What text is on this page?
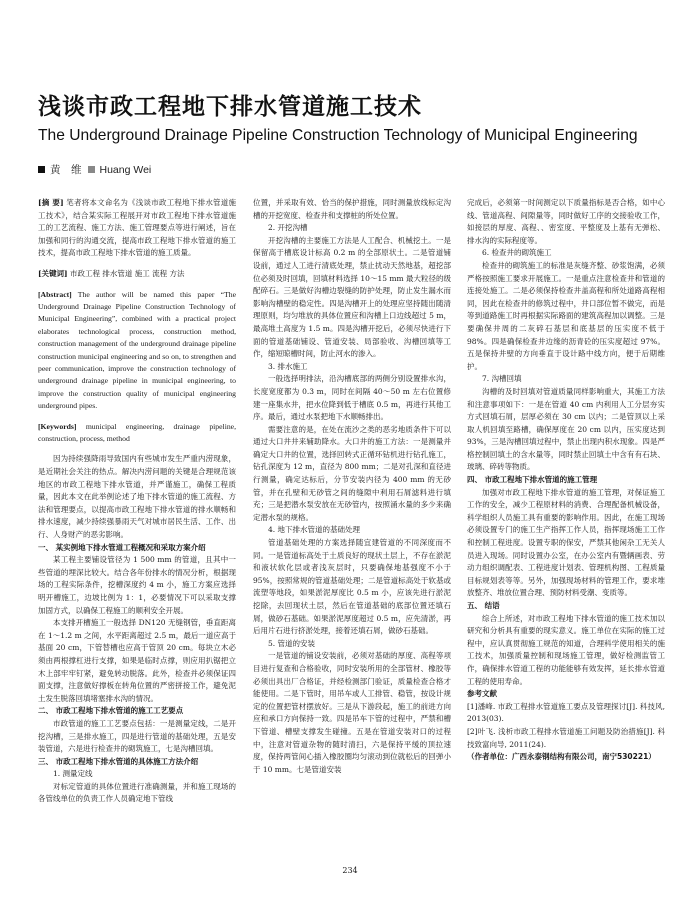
浅谈市政工程地下排水管道施工技术
The Underground Drainage Pipeline Construction Technology of Municipal Engineering
黄　维 Huang Wei

[摘 要] 笔者将本文命名为《浅谈市政工程地下排水管道施工技术》，结合某实际工程展开对市政工程地下排水管道施工的工艺流程、施工方法、施工管理要点等进行阐述，旨在加强和同行的沟通交流，提高市政工程地下排水管道的施工技术，提高市政工程地下排水管道的施工质量。

[关键词] 市政工程 排水管道 施工 流程 方法

[Abstract] The author will be named this paper “The Underground Drainage Pipeline Construction Technology of Municipal Engineering”, combined with a practical project elaborates technological process, construction method, construction management of the underground drainage pipeline construction municipal engineering and so on, to strengthen and peer communication, improve the construction technology of underground drainage pipeline in municipal engineering, to improve the construction quality of municipal engineering underground pipes.

[Keywords] municipal engineering, drainage pipeline, construction, process, method

因为持续强降雨导致国内有些城市发生严重内涝现象，是近期社会关注的热点。解决内涝问题的关键是合理规范该地区的市政工程地下排水管道，并严谨施工，确保工程质量，因此本文在此举例论述了地下排水管道的施工流程、方法和管理要点，以提高市政工程地下排水管道的排水顺畅和排水速度，减少持续强暴雨天气对城市居民生活、工作、出行、人身财产的恶劣影响。

一、 某实例地下排水管道工程概况和采取方案介绍

某工程主要铺设管径为 1 500 mm 的管道，且其中一些管道的埋深比较大。结合各年份排水的情况分析，根据现场的工程实际条件，挖槽深度约 4 m 小，施工方案应选择明开槽施工，边坡比例为 1：1，必要情况下可以采取支撑加固方式，以确保工程施工的顺利安全开展。

本支排开槽施工一般选择 DN120 无缝钢管，垂直距离在 1～1.2 m 之间，水平距离超过 2.5 m，最后一道应高于基面 20 cm，下管替槽也应高于管顶 20 cm。每块立木必须由两根撑杠进行支撑，如果是临时点撑，则应用扒锯把立木上部牢牢钉紧，避免转动脱落。此外，检查并必须保证四面支撑，注意做好撑板在转角位置的严密拼接工作，避免泥土发生脱落回填堵塞排水沟的情况。

二、 市政工程地下排水管道的施工工艺要点

市政管道的施工工艺要点包括：一是测量定线，二是开挖沟槽，三是排水施工，四是进行管道的基础处理，五是安装管道，六是进行检查井的砌筑施工，七是沟槽回填。

三、 市政工程地下排水管道的具体施工方法介绍

1. 测量定线

对标定管道的具体位置进行准确测量，并和施工现场的各管线单位的负责工作人员确定地下管线

位置，并采取有效、恰当的保护措施，同时测量放线标定沟槽的开挖宽度、检查井和支撑桩的所处位置。

2. 开挖沟槽

开挖沟槽的主要施工方法是人工配合、机械挖土。一是保留高于槽底设计标高 0.2 m 的全部原状土。二是管道铺设前，通过人工进行清底处理，禁止扰动天然地基，超挖部位必须及时回填，回填材料选择 10～15 mm 最大粒径的级配碎石。三是做好沟槽边裂缝的防护处理，防止发生漏水而影响沟槽壁的稳定性。四是沟槽开上的处理应坚持随出随清理原则，均匀堆放的具体位置应和沟槽上口边线超过 5 m，最高堆土高度为 1.5 m。四是沟槽开挖后，必须尽快进行下面的管道基础铺设、管道安装、局部验收、沟槽回填等工作，缩短晾槽时间，防止河水的渗入。

3. 排水施工

一般选择明排法，沿沟槽底部的两侧分别设置排水沟，长度宽度都为 0.3 m，同时在间隔 40～50 m 左右位置修建一座集水井，把水位降到低于槽底 0.5 m，再进行其他工序。最后，通过水泵把地下水顺畅排出。

需要注意的是，在处在流沙之类的恶劣地质条件下可以通过大口井井来辅助降水。大口井的施工方法：一是测量并确定大口井的位置，选择回转式正循环钻机进行钻孔施工，钻孔深度为 12 m，直径为 800 mm；二是对孔深和直径进行测量，确定达标后，分节安装内径为 400 mm 的无砂管，并在孔壁和无砂管之间的缝隙中利用石屑滤料进行填充；三是把潜水泵安放在无砂管内，按照涌水量的多少来确定潜水泵的规格。

4. 地下排水管道的基础处理

管道基础处理的方案选择随宜建管道的不同深度而不同。一是管道标高处于土质良好的现状土层上，不存在淤泥和液状软化层或者浅灰层时，只要确保地基强度不小于 95%，按照常规的管道基础处理；二是管道标高处于软基或流塑等地段，如果淤泥厚度比 0.5 m 小，应该先进行淤泥挖除，去回现状土层，然后在管道基础的底部位置还填石屑，做砂石基础。如果淤泥厚度超过 0.5 m，应先清淤，再后用片石进行挤淤处理，接着还填石屑，做砂石基础。

5. 管道的安装

一是管道的铺设安装前，必须对基础的厚度、高程等项目进行复查和合格验收，同时安装所用的全部管材、橡胶等必须出具出厂合格证，并经检测部门验证，质量检查合格才能使用。二是下管时，用吊车或人工排管、稳管，按设计规定的位置把管材摆放好。三是从下游段起，施工的前进方向应和承口方向保持一致。四是吊车下管的过程中，严禁和槽下管道、槽壁支撑发生碰撞。五是在管道安装对口的过程中，注意对管道杂物的随时清扫，六是保持平缓的顶拉速度，保持两管间心插入橡胶圈均匀滚动到位就松后的回弹小于 10 mm。七是管道安装

完成后，必须第一时间测定以下质量指标是否合格，如中心线、管道高程、间隙量等，同时做好工序的交接验收工作，如接层的厚度、高程、、密室度、平整度及上基有无弹松、排水沟的实际程度等。

6. 检查井的砌筑施工

检查井的砌筑施工的标准是灰缝齐整、砂浆饱满，必须严格按照施工要求开展施工。一是重点注意检查井和管道的连接处施工。二是必须保持检查井盖高程和所处道路高程相同，因此在检查井的修筑过程中，井口部位暂不做完，而是等到道路施工时再根据实际路面的建筑高程加以调整。三是要确保井周的二灰碎石基层和底基层的压实度不低于 98%。四是确保检查井边缘的沥青砼的压实度超过 97%。五是保持井壁的方向垂直于设计路中线方向，便于后期维护。

7. 沟槽回填

沟槽的及时回填对管道质量同样影响重大，其施工方法和注意事项如下：一是在管道 40 cm 内利用人工分层夯实方式回填石屑，层厚必须在 30 cm 以内；二是管顶以上采取人机回填至路槽，确保厚度在 20 cm 以内，压实度达到 93%，三是沟槽回填过程中，禁止出现内积水现象。四是严格控制回填土的含水量等，同时禁止回填土中含有有石块、玻璃、碎砖等物质。

四、 市政工程地下排水管道的施工管理

加强对市政工程地下排水管道的施工管理，对保证施工工作的安全，减少工程原材料的消费、合理配备机械设备，科学组织人员施工具有重要的影响作用。因此，在施工现场必须设置专门的施工生产指挥工作人员，指挥现场施工工作和控制工程进度。设置专职的保安，严禁其他闲杂工无关人员进入现场。同时设置办公室，在办公室内有暨辆画表、劳动力组织调配表、工程进度计划表、管理机构图、工程质量目标规划表等等。另外，加强现场材料的管理工作，要求堆放整齐、堆放位置合理、预防材料受潮、变质等。

五、 结语

综合上所述，对市政工程地下排水管道的施工技术加以研究和分析具有重要的现实意义。施工单位在实际的施工过程中，应认真贯彻施工规范的知道，合理科学使用相关的施工技术，加强质量控制和现场施工管理，做好检测监管工作，确保排水管道工程的功能能够有效发挥，延长排水管道工程的使用寿命。

参考文献

[1]潘峰. 市政工程排水管道施工要点及管理探讨[J]. 科技风, 2013(03).

[2]叶飞. 浅析市政工程排水管道施工问题及防治措施[J]. 科技致富向导, 2011(24).

（作者单位：广西永泰钢结构有限公司，南宁530221）

234
